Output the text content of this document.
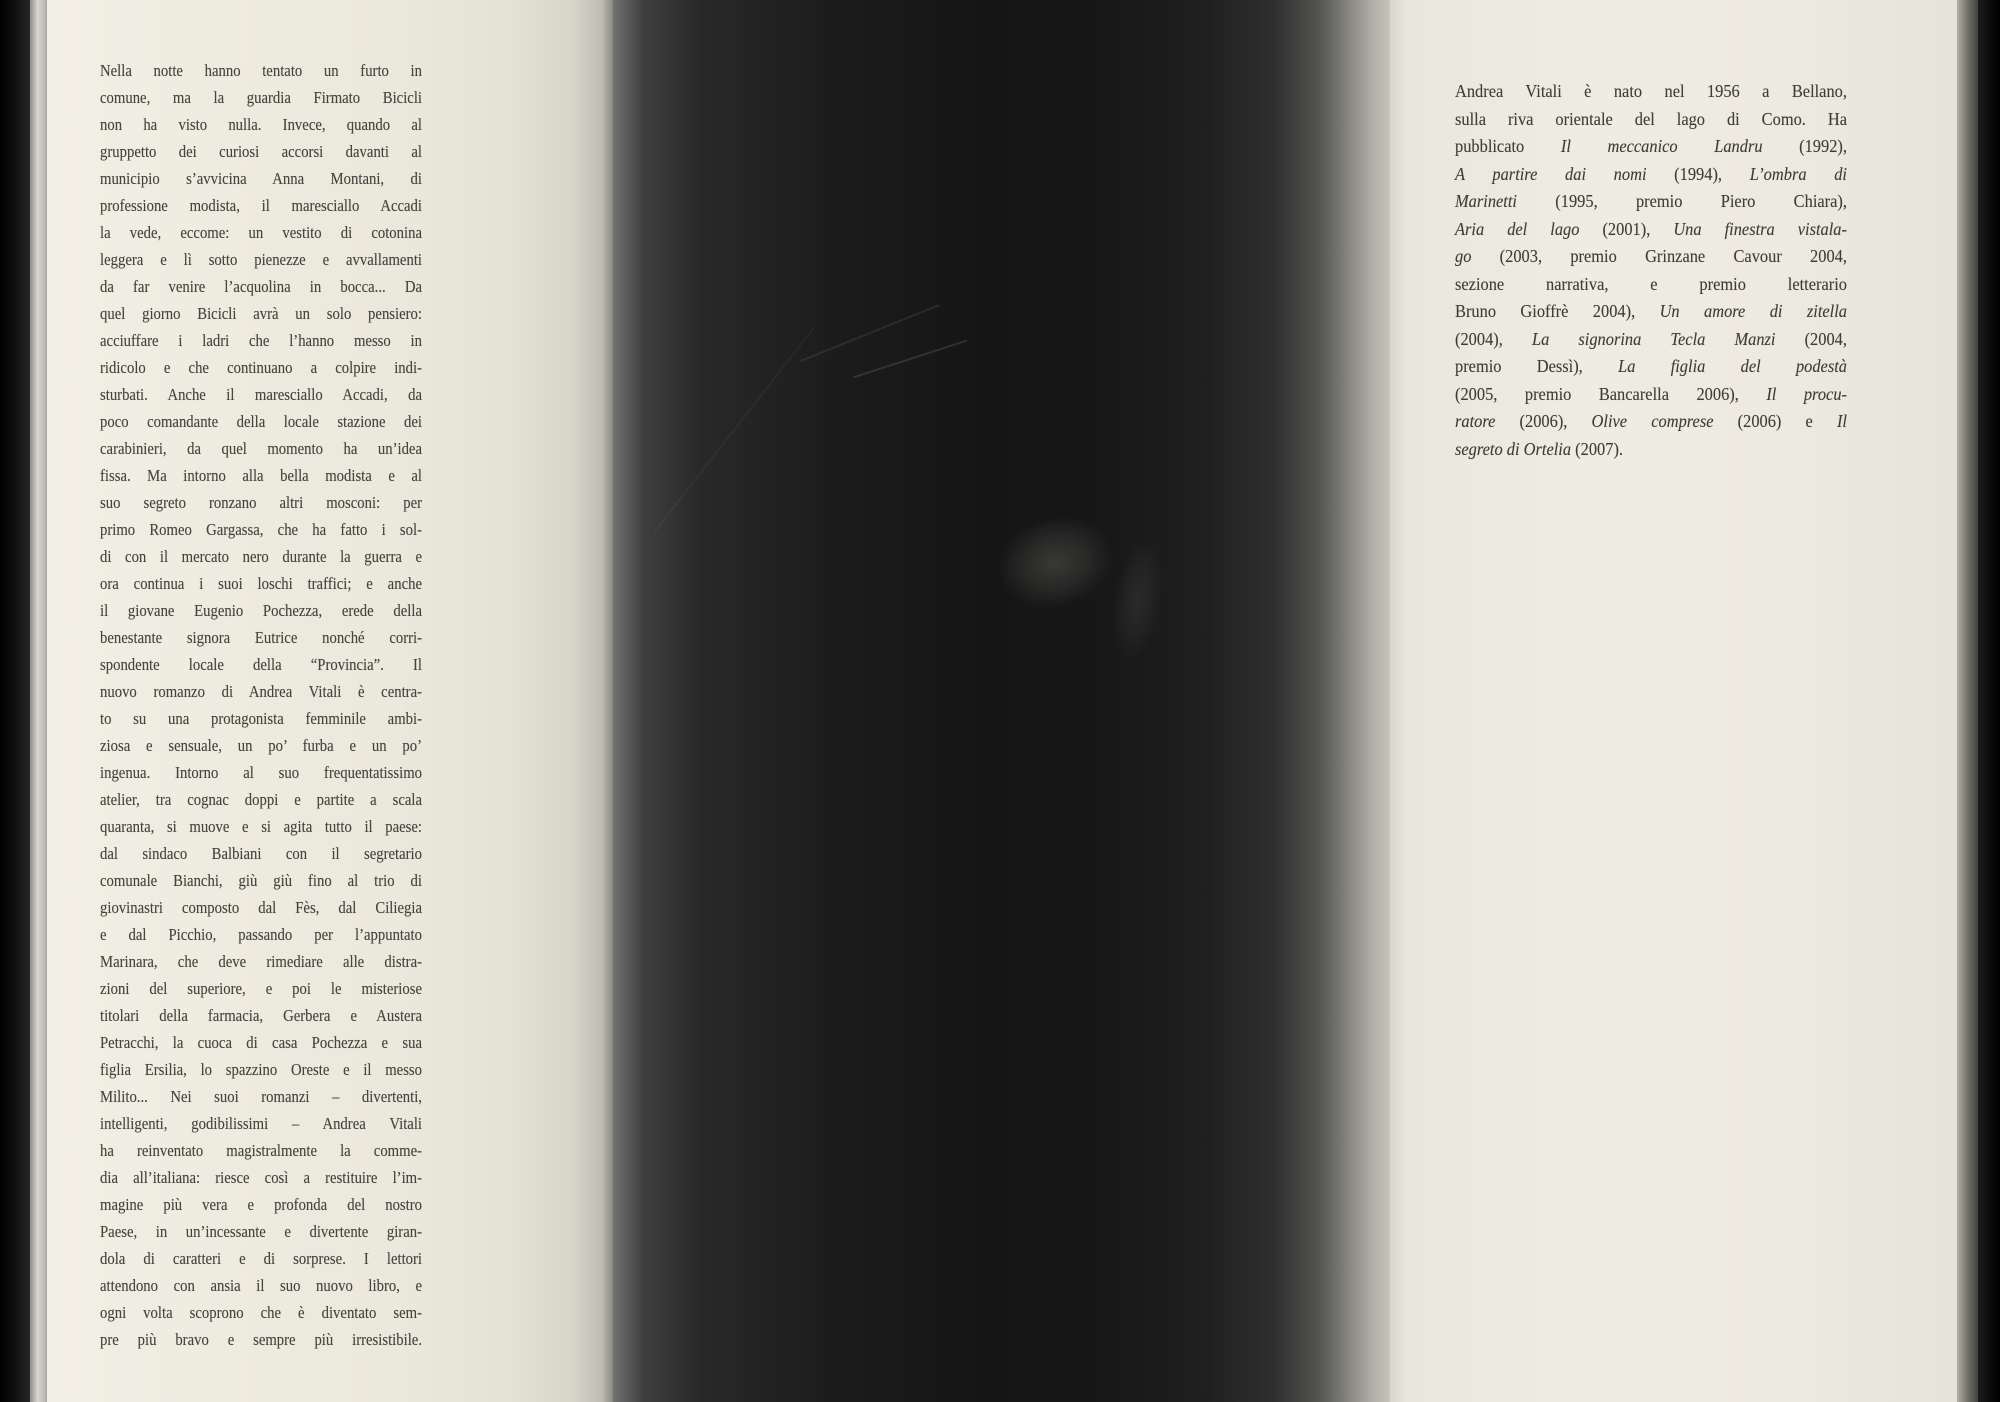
Nella notte hanno tentato un furto in
comune, ma la guardia Firmato Bicicli
non ha visto nulla. Invece, quando al
gruppetto dei curiosi accorsi davanti al
municipio s’avvicina Anna Montani, di
professione modista, il maresciallo Accadi
la vede, eccome: un vestito di cotonina
leggera e lì sotto pienezze e avvallamenti
da far venire l’acquolina in bocca... Da
quel giorno Bicicli avrà un solo pensiero:
acciuffare i ladri che l’hanno messo in
ridicolo e che continuano a colpire indi-
sturbati. Anche il maresciallo Accadi, da
poco comandante della locale stazione dei
carabinieri, da quel momento ha un’idea
fissa. Ma intorno alla bella modista e al
suo segreto ronzano altri mosconi: per
primo Romeo Gargassa, che ha fatto i sol-
di con il mercato nero durante la guerra e
ora continua i suoi loschi traffici; e anche
il giovane Eugenio Pochezza, erede della
benestante signora Eutrice nonché corri-
spondente locale della “Provincia”. Il
nuovo romanzo di Andrea Vitali è centra-
to su una protagonista femminile ambi-
ziosa e sensuale, un po’ furba e un po’
ingenua. Intorno al suo frequentatissimo
atelier, tra cognac doppi e partite a scala
quaranta, si muove e si agita tutto il paese:
dal sindaco Balbiani con il segretario
comunale Bianchi, giù giù fino al trio di
giovinastri composto dal Fès, dal Ciliegia
e dal Picchio, passando per l’appuntato
Marinara, che deve rimediare alle distra-
zioni del superiore, e poi le misteriose
titolari della farmacia, Gerbera e Austera
Petracchi, la cuoca di casa Pochezza e sua
figlia Ersilia, lo spazzino Oreste e il messo
Milito... Nei suoi romanzi – divertenti,
intelligenti, godibilissimi – Andrea Vitali
ha reinventato magistralmente la comme-
dia all’italiana: riesce così a restituire l’im-
magine più vera e profonda del nostro
Paese, in un’incessante e divertente giran-
dola di caratteri e di sorprese. I lettori
attendono con ansia il suo nuovo libro, e
ogni volta scoprono che è diventato sem-
pre più bravo e sempre più irresistibile.
Andrea Vitali è nato nel 1956 a Bellano,
sulla riva orientale del lago di Como. Ha
pubblicato Il meccanico Landru (1992),
A partire dai nomi (1994), L’ombra di
Marinetti (1995, premio Piero Chiara),
Aria del lago (2001), Una finestra vistala-
go (2003, premio Grinzane Cavour 2004,
sezione narrativa, e premio letterario
Bruno Gioffrè 2004), Un amore di zitella
(2004), La signorina Tecla Manzi (2004,
premio Dessì), La figlia del podestà
(2005, premio Bancarella 2006), Il procu-
ratore (2006), Olive comprese (2006) e Il
segreto di Ortelia (2007).
